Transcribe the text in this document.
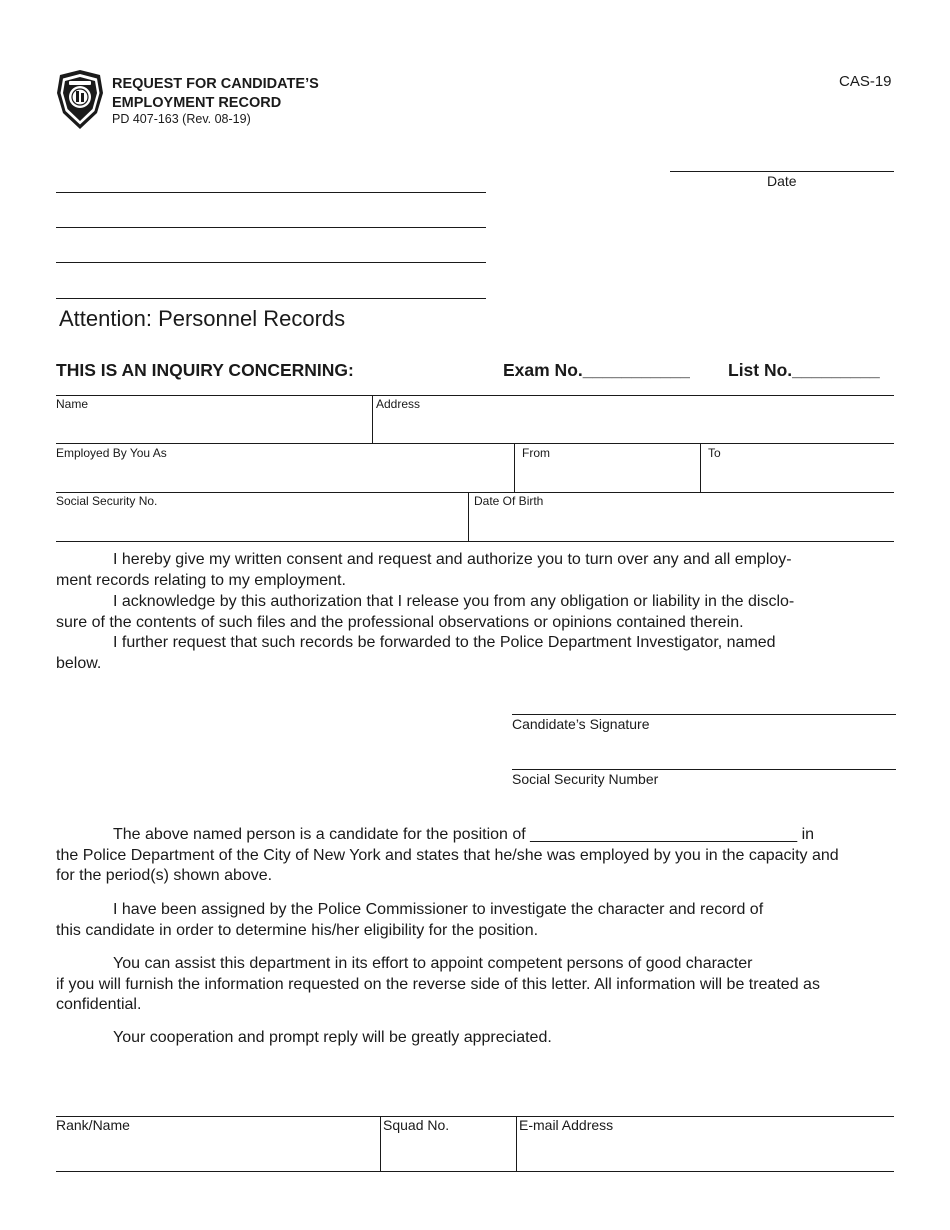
REQUEST FOR CANDIDATE’S
EMPLOYMENT RECORD
PD 407-163 (Rev. 08-19)
CAS-19
Date
Attention: Personnel Records
THIS IS AN INQUIRY CONCERNING:	Exam No.___________ List No._________
Name	Address
Employed By You As	From	To
Social Security No.	Date Of Birth

I hereby give my written consent and request and authorize you to turn over any and all employ-
ment records relating to my employment.

I acknowledge by this authorization that I release you from any obligation or liability in the disclo-
sure of the contents of such files and the professional observations or opinions contained therein.

I further request that such records be forwarded to the Police Department Investigator, named
below.

Candidate’s Signature
Social Security Number

The above named person is a candidate for the position of ______________________________ in
the Police Department of the City of New York and states that he/she was employed by you in the capacity and
for the period(s) shown above.

I have been assigned by the Police Commissioner to investigate the character and record of
this candidate in order to determine his/her eligibility for the position.

You can assist this department in its effort to appoint competent persons of good character
if you will furnish the information requested on the reverse side of this letter. All information will be treated as
confidential.

Your cooperation and prompt reply will be greatly appreciated.

Rank/Name	Squad No.	E-mail Address
